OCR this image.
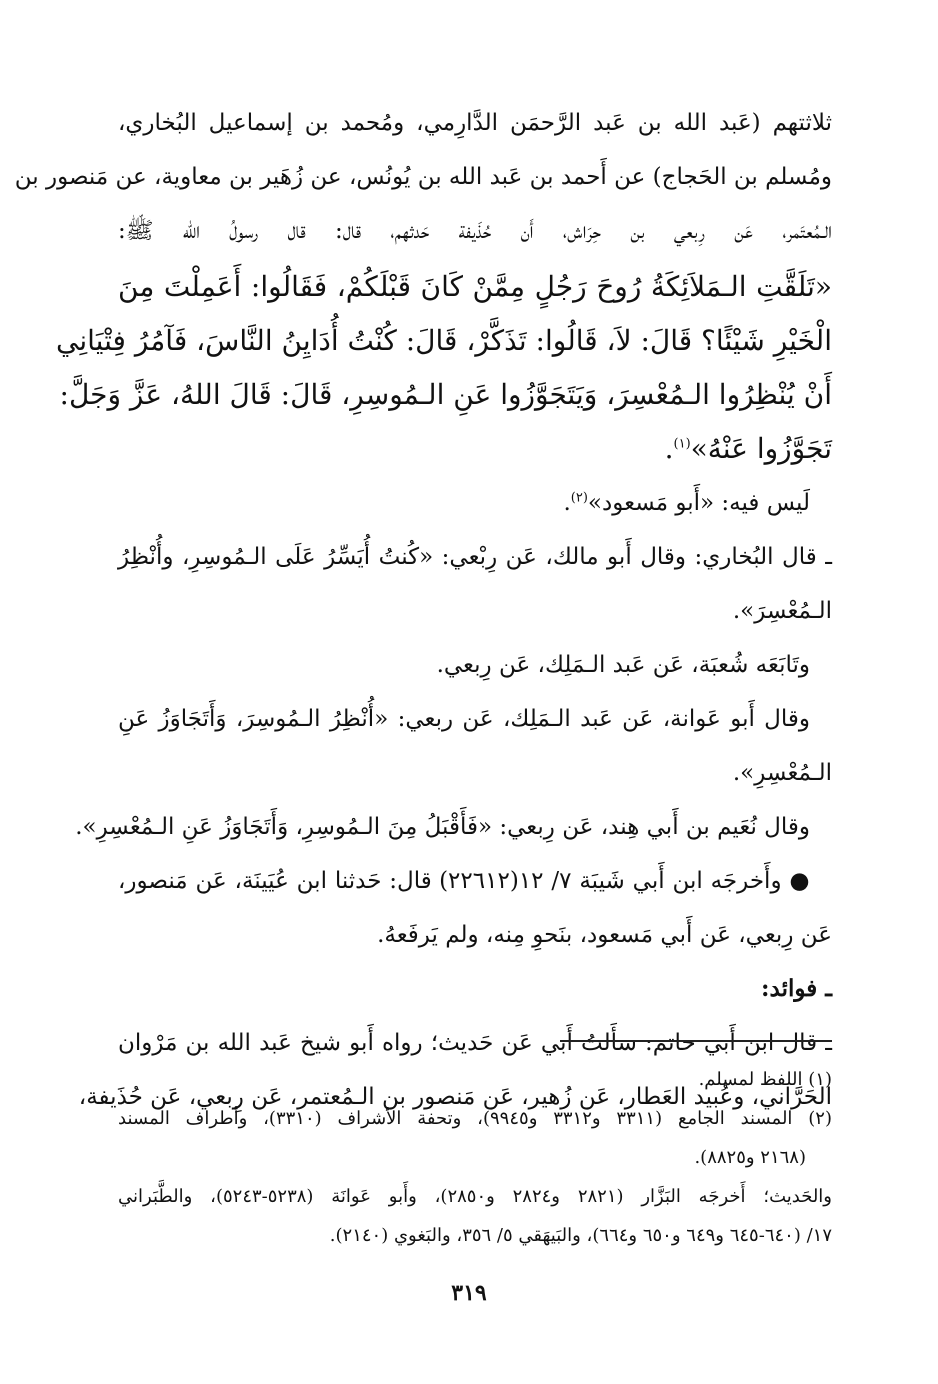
ثلاثتهم (عَبد الله بن عَبد الرَّحمَن الدَّارِمي، ومُحمد بن إسماعيل البُخاري،
ومُسلم بن الحَجاج) عن أَحمد بن عَبد الله بن يُونُس، عن زُهَير بن معاوية، عن مَنصور بن
الـمُعتَمر، عَن رِبعي بن حِرَاش، أَن حُذَيفة حَدثهم، قال: قال رسولُ الله ﷺ:
«تَلَقَّتِ الـمَلاَئِكَةُ رُوحَ رَجُلٍ مِمَّنْ كَانَ قَبْلَكُمْ، فَقَالُوا: أَعَمِلْتَ مِنَ
الْخَيْرِ شَيْئًا؟ قَالَ: لاَ، قَالُوا: تَذَكَّرْ، قَالَ: كُنْتُ أُدَايِنُ النَّاسَ، فَآمُرُ فِتْيَانِي
أَنْ يُنْظِرُوا الـمُعْسِرَ، وَيَتَجَوَّزُوا عَنِ الـمُوسِرِ، قَالَ: قَالَ اللهُ، عَزَّ وَجَلَّ:
تَجَوَّزُوا عَنْهُ»$^{(١)}$.
لَيس فيه: «أَبو مَسعود»$^{(٢)}$.
ـ قال البُخاري: وقال أَبو مالك، عَن رِبْعي: «كُنتُ أُيَسِّرُ عَلَى الـمُوسِرِ، وأُنْظِرُ
الـمُعْسِرَ».
وتَابَعَه شُعبَة، عَن عَبد الـمَلِك، عَن رِبعي.
وقال أَبو عَوانة، عَن عَبد الـمَلِك، عَن ربعي: «أُنْظِرُ الـمُوسِرَ، وَأَتَجَاوَزُ عَنِ
الـمُعْسِرِ».
وقال نُعَيم بن أَبي هِند، عَن رِبعي: «فَأَقْبَلُ مِنَ الـمُوسِرِ، وَأَتَجَاوَزُ عَنِ الـمُعْسِرِ».
● وأَخرجَه ابن أَبي شَيبَة ٧/ ١٢(٢٢٦١٢) قال: حَدثنا ابن عُيَينَة، عَن مَنصور،
عَن رِبعي، عَن أَبي مَسعود، بنَحوِ مِنه، ولم يَرفَعهُ.
ـ فوائد:
ـ قال ابن أَبي حاتم: سأَلتُ أَبي عَن حَديث؛ رواه أَبو شيخ عَبد الله بن مَرْوان
الحَرَّاني، وعُبيد العَطار، عَن زُهير، عَن مَنصور بن الـمُعتمر، عَن رِبعي، عَن حُذَيفة،
(١) اللفظ لمسلم.
(٢) المسند الجامع (٣٣١١ و٣٣١٢ و٩٩٤٥)، وتحفة الأشراف (٣٣١٠)، وأطراف المسند
(٢١٦٨ و٨٨٢٥).
والحَديث؛ أَخرجَه البَزَّار (٢٨٢١ و٢٨٢٤ و٢٨٥٠)، وأَبو عَوانَة (٥٢٣٨-٥٢٤٣)، والطَّبَراني
١٧/ (٦٤٠-٦٤٥ و٦٤٩ و٦٥٠ و٦٦٤)، والبَيهَقي ٥/ ٣٥٦، والبَغوي (٢١٤٠).
٣١٩
